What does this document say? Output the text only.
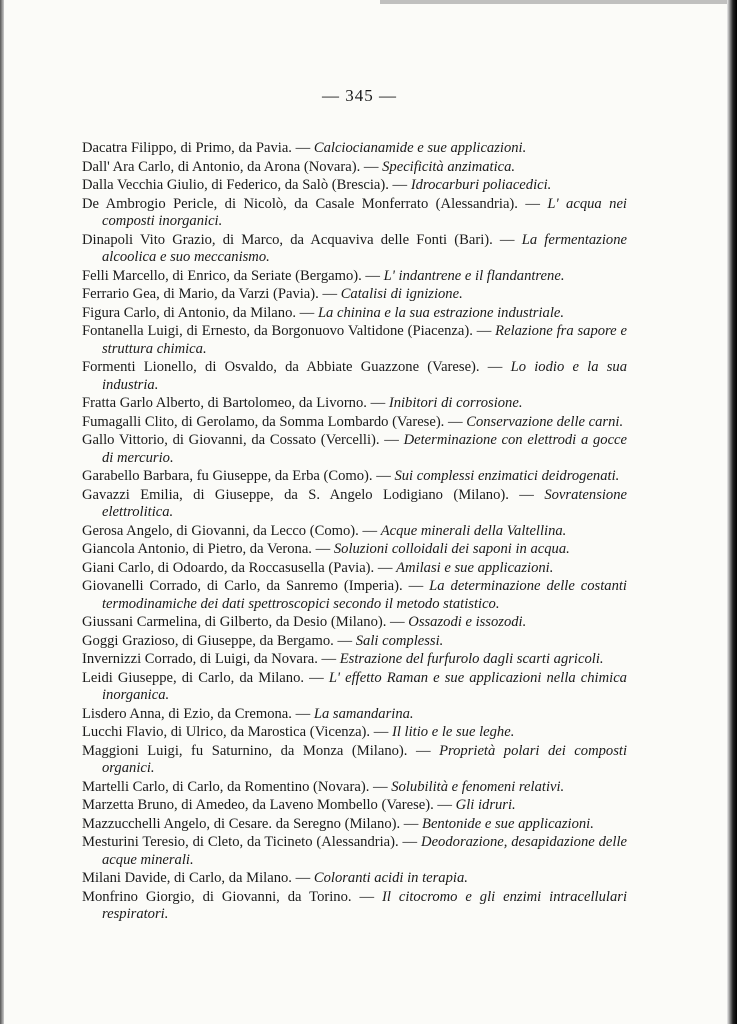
— 345 —
Dacatra Filippo, di Primo, da Pavia. — Calciocianamide e sue applicazioni.
Dall' Ara Carlo, di Antonio, da Arona (Novara). — Specificità anzimatica.
Dalla Vecchia Giulio, di Federico, da Salò (Brescia). — Idrocarburi poliacedici.
De Ambrogio Pericle, di Nicolò, da Casale Monferrato (Alessandria). — L' acqua nei composti inorganici.
Dinapoli Vito Grazio, di Marco, da Acquaviva delle Fonti (Bari). — La fermentazione alcoolica e suo meccanismo.
Felli Marcello, di Enrico, da Seriate (Bergamo). — L' indantrene e il flandantrene.
Ferrario Gea, di Mario, da Varzi (Pavia). — Catalisi di ignizione.
Figura Carlo, di Antonio, da Milano. — La chinina e la sua estrazione industriale.
Fontanella Luigi, di Ernesto, da Borgonuovo Valtidone (Piacenza). — Relazione fra sapore e struttura chimica.
Formenti Lionello, di Osvaldo, da Abbiate Guazzone (Varese). — Lo iodio e la sua industria.
Fratta Garlo Alberto, di Bartolomeo, da Livorno. — Inibitori di corrosione.
Fumagalli Clito, di Gerolamo, da Somma Lombardo (Varese). — Conservazione delle carni.
Gallo Vittorio, di Giovanni, da Cossato (Vercelli). — Determinazione con elettrodi a gocce di mercurio.
Garabello Barbara, fu Giuseppe, da Erba (Como). — Sui complessi enzimatici deidrogenati.
Gavazzi Emilia, di Giuseppe, da S. Angelo Lodigiano (Milano). — Sovratensione elettrolitica.
Gerosa Angelo, di Giovanni, da Lecco (Como). — Acque minerali della Valtellina.
Giancola Antonio, di Pietro, da Verona. — Soluzioni colloidali dei saponi in acqua.
Giani Carlo, di Odoardo, da Roccasusella (Pavia). — Amilasi e sue applicazioni.
Giovanelli Corrado, di Carlo, da Sanremo (Imperia). — La determinazione delle costanti termodinamiche dei dati spettroscopici secondo il metodo statistico.
Giussani Carmelina, di Gilberto, da Desio (Milano). — Ossazodi e issozodi.
Goggi Grazioso, di Giuseppe, da Bergamo. — Sali complessi.
Invernizzi Corrado, di Luigi, da Novara. — Estrazione del furfurolo dagli scarti agricoli.
Leidi Giuseppe, di Carlo, da Milano. — L' effetto Raman e sue applicazioni nella chimica inorganica.
Lisdero Anna, di Ezio, da Cremona. — La samandarina.
Lucchi Flavio, di Ulrico, da Marostica (Vicenza). — Il litio e le sue leghe.
Maggioni Luigi, fu Saturnino, da Monza (Milano). — Proprietà polari dei composti organici.
Martelli Carlo, di Carlo, da Romentino (Novara). — Solubilità e fenomeni relativi.
Marzetta Bruno, di Amedeo, da Laveno Mombello (Varese). — Gli idruri.
Mazzucchelli Angelo, di Cesare. da Seregno (Milano). — Bentonide e sue applicazioni.
Mesturini Teresio, di Cleto, da Ticineto (Alessandria). — Deodorazione, desapidazione delle acque minerali.
Milani Davide, di Carlo, da Milano. — Coloranti acidi in terapia.
Monfrino Giorgio, di Giovanni, da Torino. — Il citocromo e gli enzimi intracellulari respiratori.
